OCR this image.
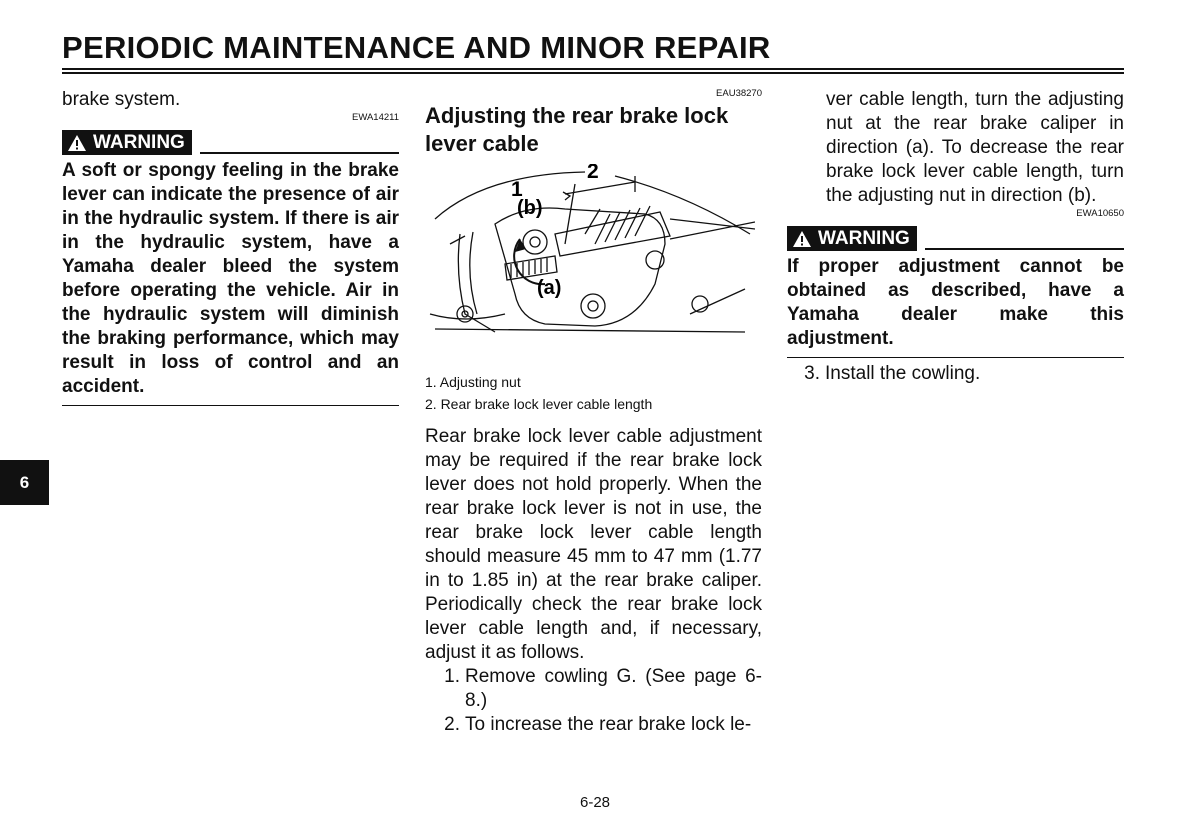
PERIODIC MAINTENANCE AND MINOR REPAIR
brake system.
EWA14211
WARNING
A soft or spongy feeling in the brake lever can indicate the presence of air in the hydraulic system. If there is air in the hydraulic system, have a Yamaha dealer bleed the system before operating the vehicle. Air in the hydraulic system will diminish the braking performance, which may result in loss of control and an accident.
EAU38270
Adjusting the rear brake lock lever cable
(b)
(a)
1
2
1. Adjusting nut
2. Rear brake lock lever cable length
Rear brake lock lever cable adjustment may be required if the rear brake lock lever does not hold properly. When the rear brake lock lever is not in use, the rear brake lock lever cable length should measure 45 mm to 47 mm (1.77 in to 1.85 in) at the rear brake caliper. Periodically check the rear brake lock lever cable length and, if necessary, adjust it as follows.
1. Remove cowling G. (See page 6-8.)
2. To increase the rear brake lock le-
ver cable length, turn the adjusting nut at the rear brake caliper in direction (a). To decrease the rear brake lock lever cable length, turn the adjusting nut in direction (b).
EWA10650
WARNING
If proper adjustment cannot be obtained as described, have a Yamaha dealer make this adjustment.
3. Install the cowling.
6
6-28
